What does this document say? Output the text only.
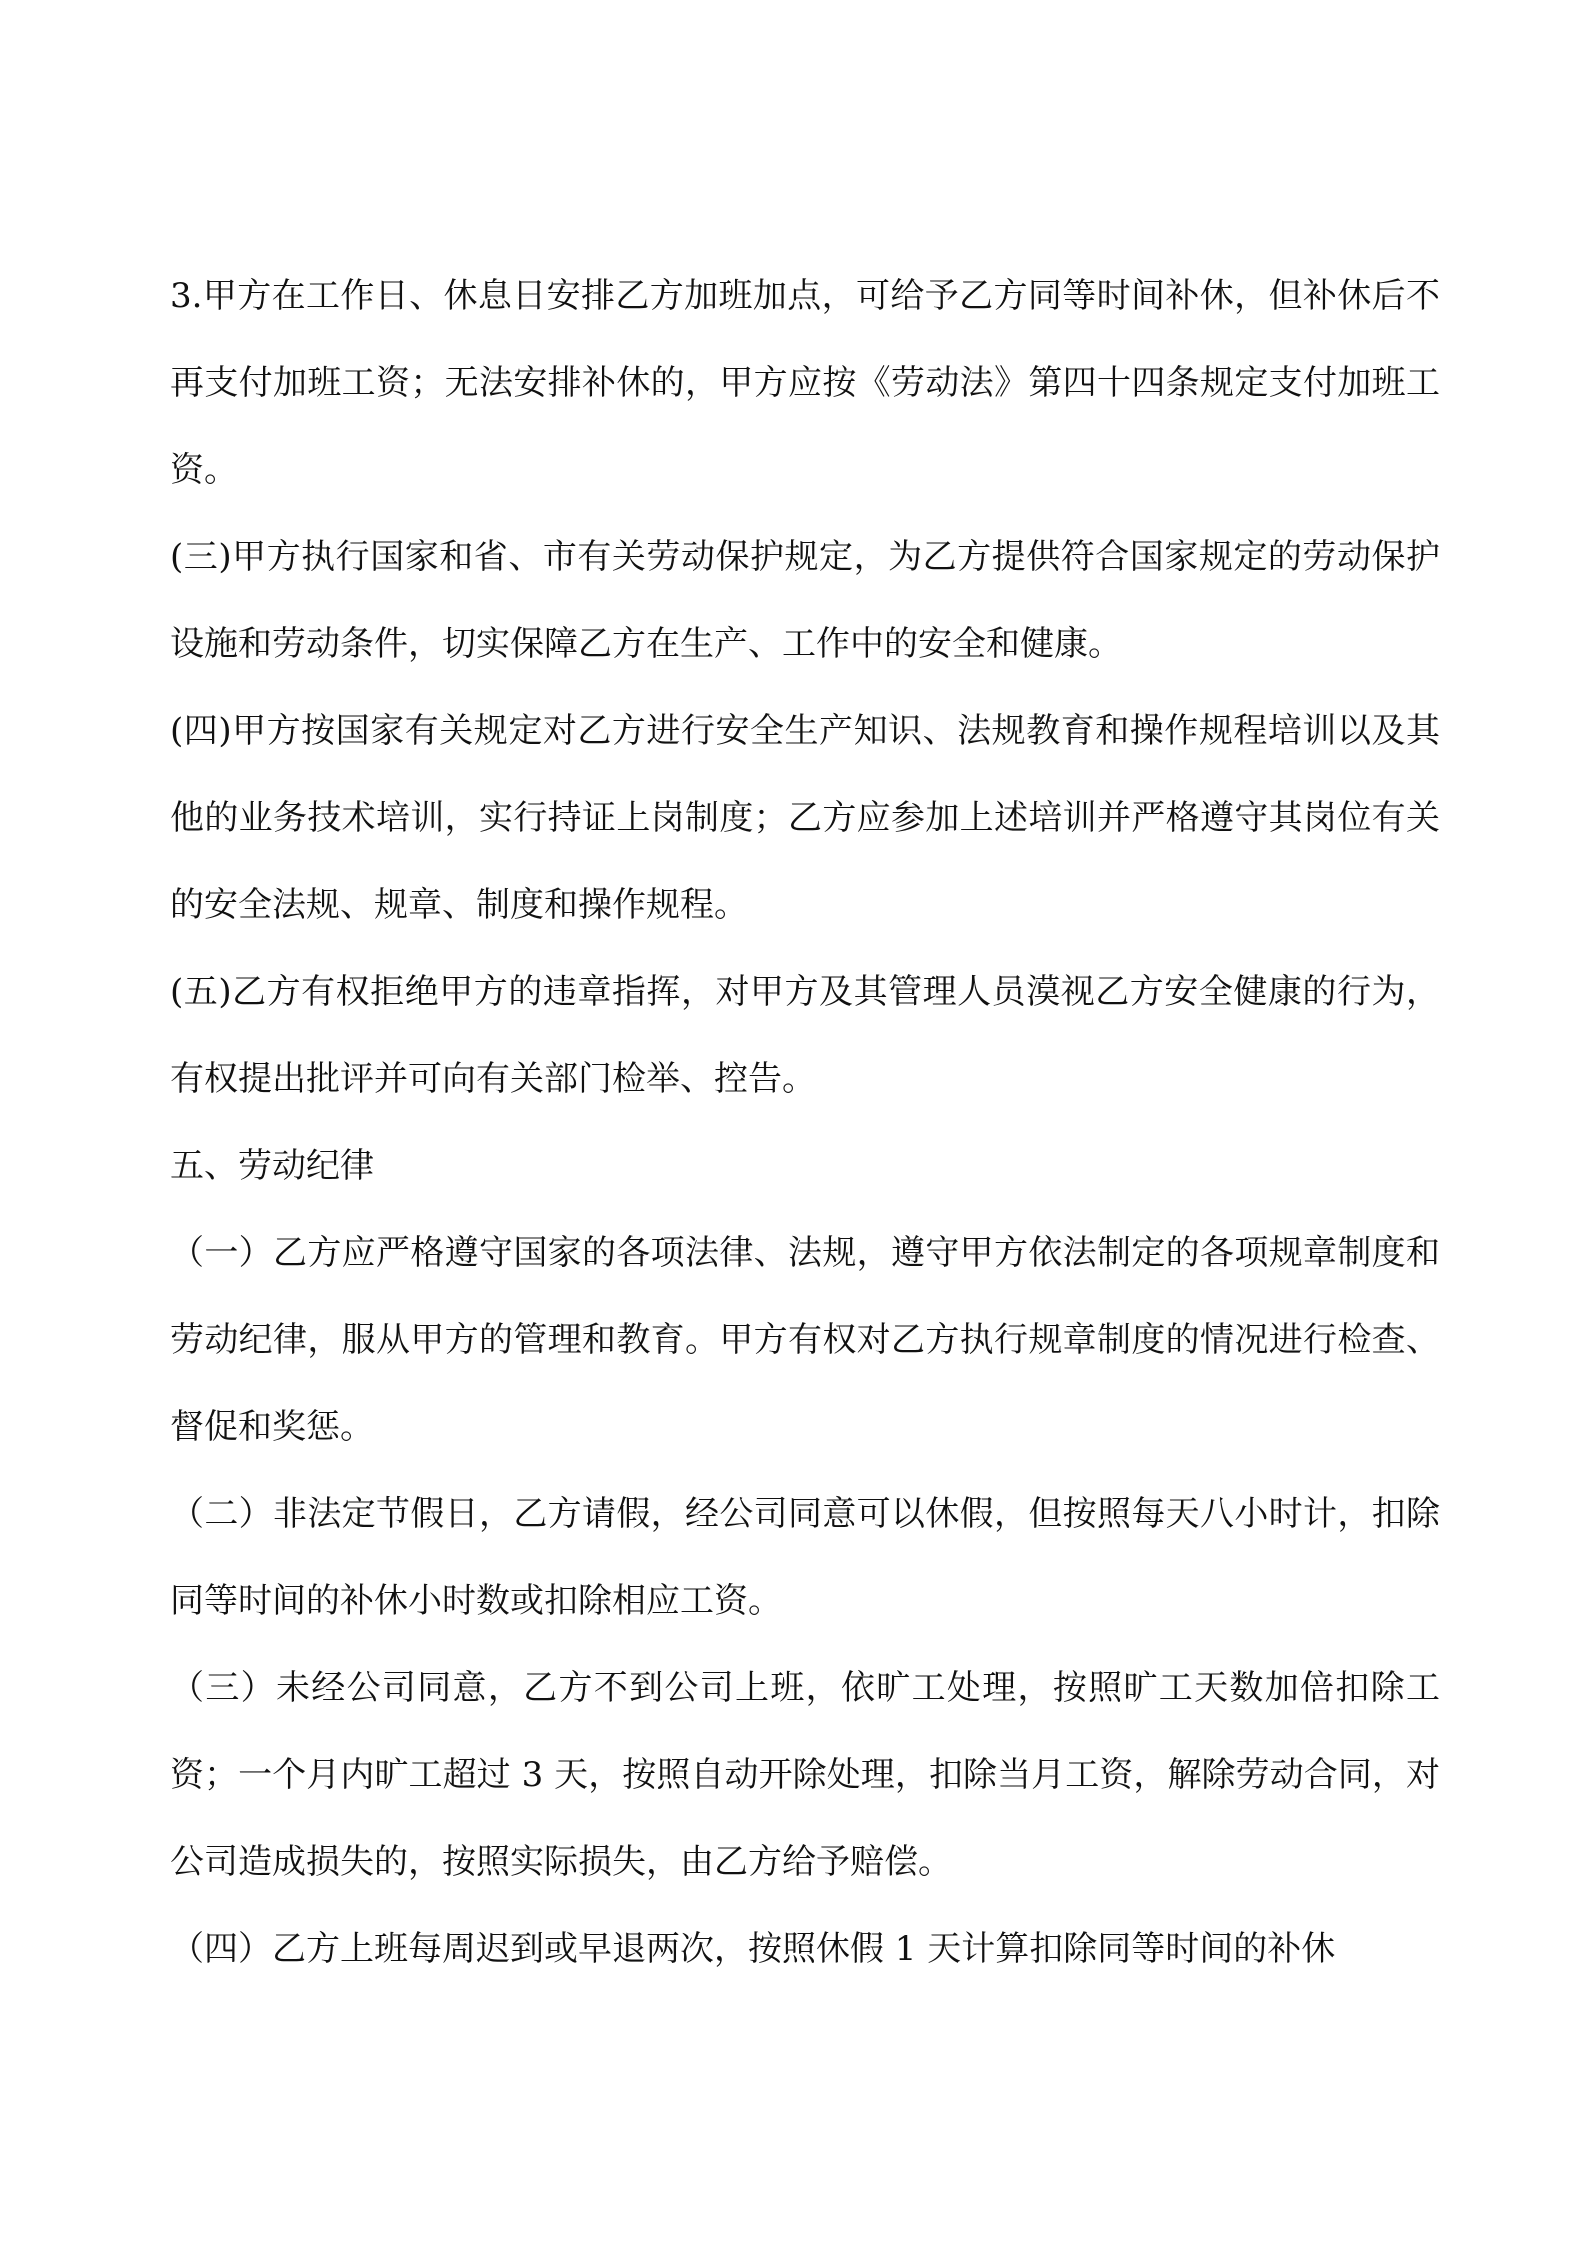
3.甲方在工作日、休息日安排乙方加班加点，可给予乙方同等时间补休，但补休后不再支付加班工资；无法安排补休的，甲方应按《劳动法》第四十四条规定支付加班工资。

(三)甲方执行国家和省、市有关劳动保护规定，为乙方提供符合国家规定的劳动保护设施和劳动条件，切实保障乙方在生产、工作中的安全和健康。

(四)甲方按国家有关规定对乙方进行安全生产知识、法规教育和操作规程培训以及其他的业务技术培训，实行持证上岗制度；乙方应参加上述培训并严格遵守其岗位有关的安全法规、规章、制度和操作规程。

(五)乙方有权拒绝甲方的违章指挥，对甲方及其管理人员漠视乙方安全健康的行为，有权提出批评并可向有关部门检举、控告。

五、劳动纪律

（一）乙方应严格遵守国家的各项法律、法规，遵守甲方依法制定的各项规章制度和劳动纪律，服从甲方的管理和教育。甲方有权对乙方执行规章制度的情况进行检查、督促和奖惩。

（二）非法定节假日，乙方请假，经公司同意可以休假，但按照每天八小时计，扣除同等时间的补休小时数或扣除相应工资。

（三）未经公司同意，乙方不到公司上班，依旷工处理，按照旷工天数加倍扣除工资；一个月内旷工超过 3 天，按照自动开除处理，扣除当月工资，解除劳动合同，对公司造成损失的，按照实际损失，由乙方给予赔偿。

（四）乙方上班每周迟到或早退两次，按照休假 1 天计算扣除同等时间的补休
